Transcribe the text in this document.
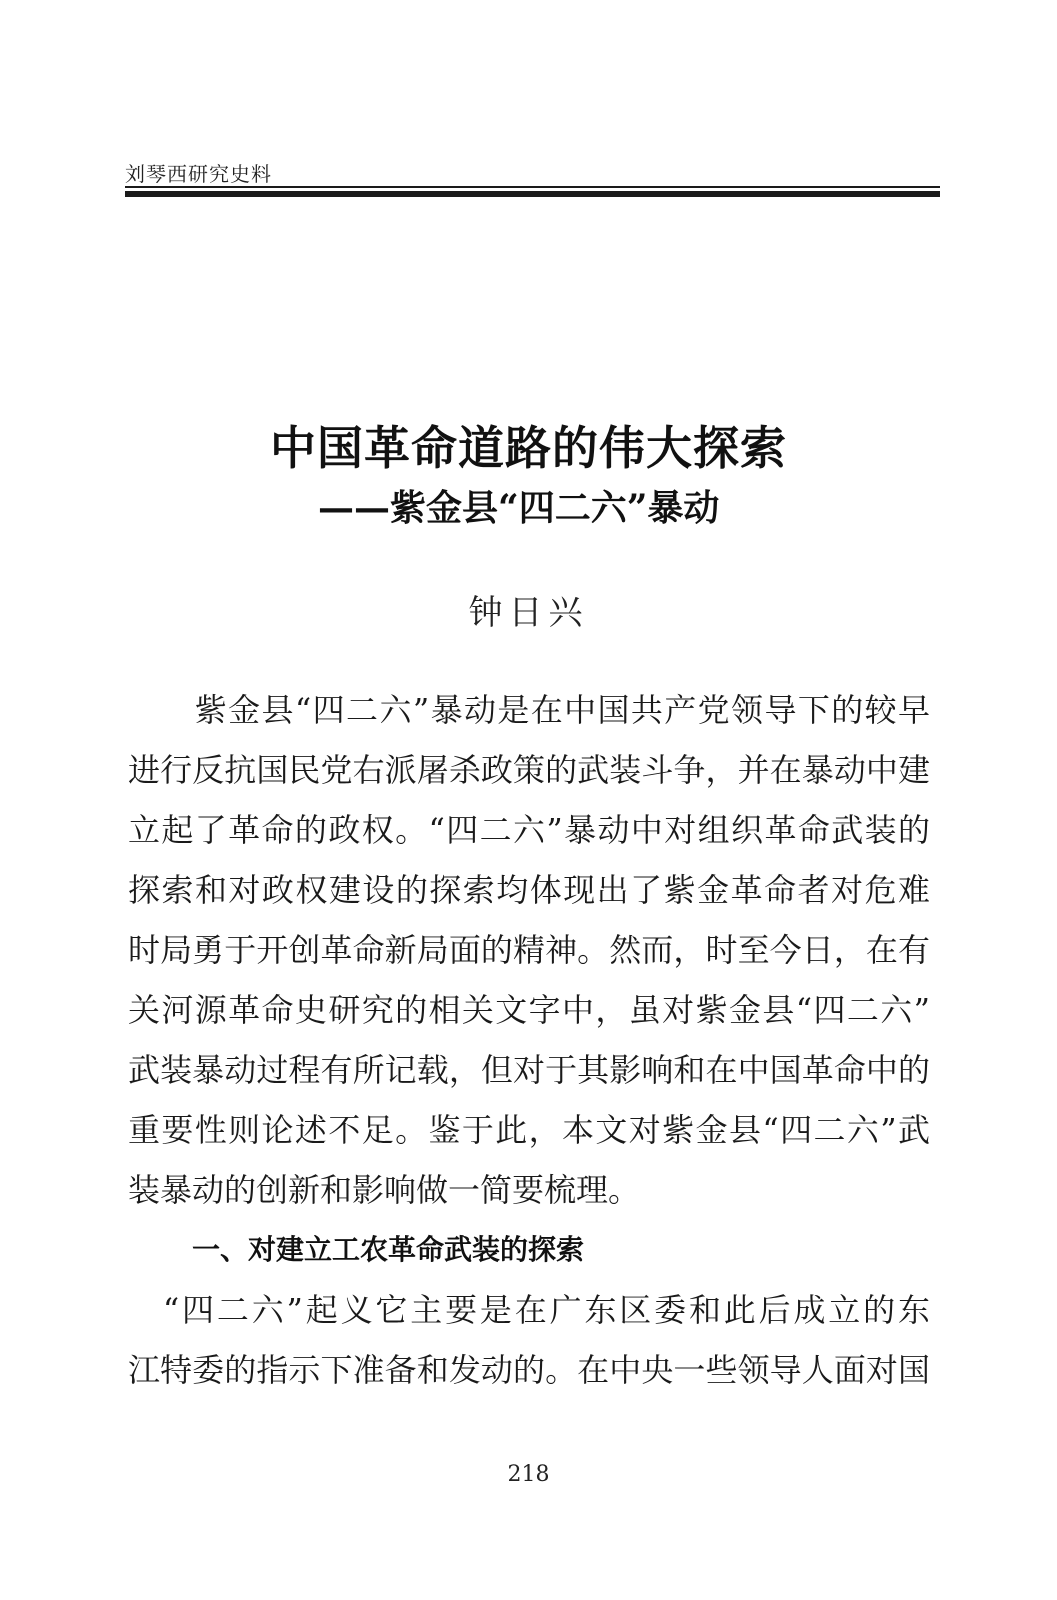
刘琴西研究史料
中国革命道路的伟大探索
——紫金县“四二六”暴动
钟日兴
　　紫金县“四二六”暴动是在中国共产党领导下的较早
进行反抗国民党右派屠杀政策的武装斗争，并在暴动中建
立起了革命的政权。“四二六”暴动中对组织革命武装的
探索和对政权建设的探索均体现出了紫金革命者对危难
时局勇于开创革命新局面的精神。然而，时至今日，在有
关河源革命史研究的相关文字中，虽对紫金县“四二六”
武装暴动过程有所记载，但对于其影响和在中国革命中的
重要性则论述不足。鉴于此，本文对紫金县“四二六”武
装暴动的创新和影响做一简要梳理。
一、对建立工农革命武装的探索
　“四二六”起义它主要是在广东区委和此后成立的东
江特委的指示下准备和发动的。在中央一些领导人面对国
218
